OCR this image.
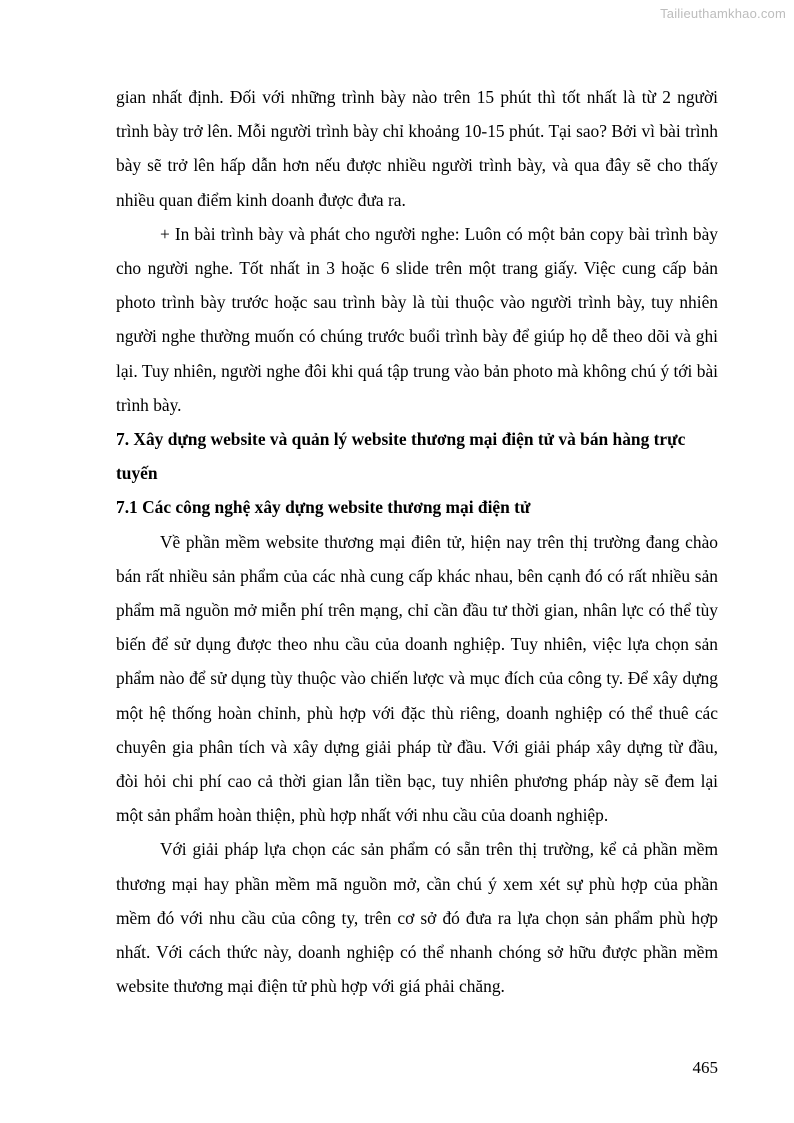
Tailieuthamkhao.com

gian nhất định. Đối với những trình bày nào trên 15 phút thì tốt nhất là từ 2 người trình bày trở lên. Mỗi người trình bày chỉ khoảng 10-15 phút. Tại sao? Bởi vì bài trình bày sẽ trở lên hấp dẫn hơn nếu được nhiều người trình bày, và qua đây sẽ cho thấy nhiều quan điểm kinh doanh được đưa ra.

+ In bài trình bày và phát cho người nghe: Luôn có một bản copy bài trình bày cho người nghe. Tốt nhất in 3 hoặc 6 slide trên một trang giấy. Việc cung cấp bản photo trình bày trước hoặc sau trình bày là tùi thuộc vào người trình bày, tuy nhiên người nghe thường muốn có chúng trước buổi trình bày để giúp họ dễ theo dõi và ghi lại. Tuy nhiên, người nghe đôi khi quá tập trung vào bản photo mà không chú ý tới bài trình bày.

7. Xây dựng website và quản lý website thương mại điện tử và bán hàng trực tuyến

7.1 Các công nghệ xây dựng website thương mại điện tử

Về phần mềm website thương mại điên tử, hiện nay trên thị trường đang chào bán rất nhiều sản phẩm của các nhà cung cấp khác nhau, bên cạnh đó có rất nhiều sản phẩm mã nguồn mở miễn phí trên mạng, chỉ cần đầu tư thời gian, nhân lực có thể tùy biến để sử dụng được theo nhu cầu của doanh nghiệp. Tuy nhiên, việc lựa chọn sản phẩm nào để sử dụng tùy thuộc vào chiến lược và mục đích của công ty. Để xây dựng một hệ thống hoàn chỉnh, phù hợp với đặc thù riêng, doanh nghiệp có thể thuê các chuyên gia phân tích và xây dựng giải pháp từ đầu. Với giải pháp xây dựng từ đầu, đòi hỏi chi phí cao cả thời gian lẫn tiền bạc, tuy nhiên phương pháp này sẽ đem lại một sản phẩm hoàn thiện, phù hợp nhất với nhu cầu của doanh nghiệp.

Với giải pháp lựa chọn các sản phẩm có sẵn trên thị trường, kể cả phần mềm thương mại hay phần mềm mã nguồn mở, cần chú ý xem xét sự phù hợp của phần mềm đó với nhu cầu của công ty, trên cơ sở đó đưa ra lựa chọn sản phẩm phù hợp nhất. Với cách thức này, doanh nghiệp có thể nhanh chóng sở hữu được phần mềm website thương mại điện tử phù hợp với giá phải chăng.

465
